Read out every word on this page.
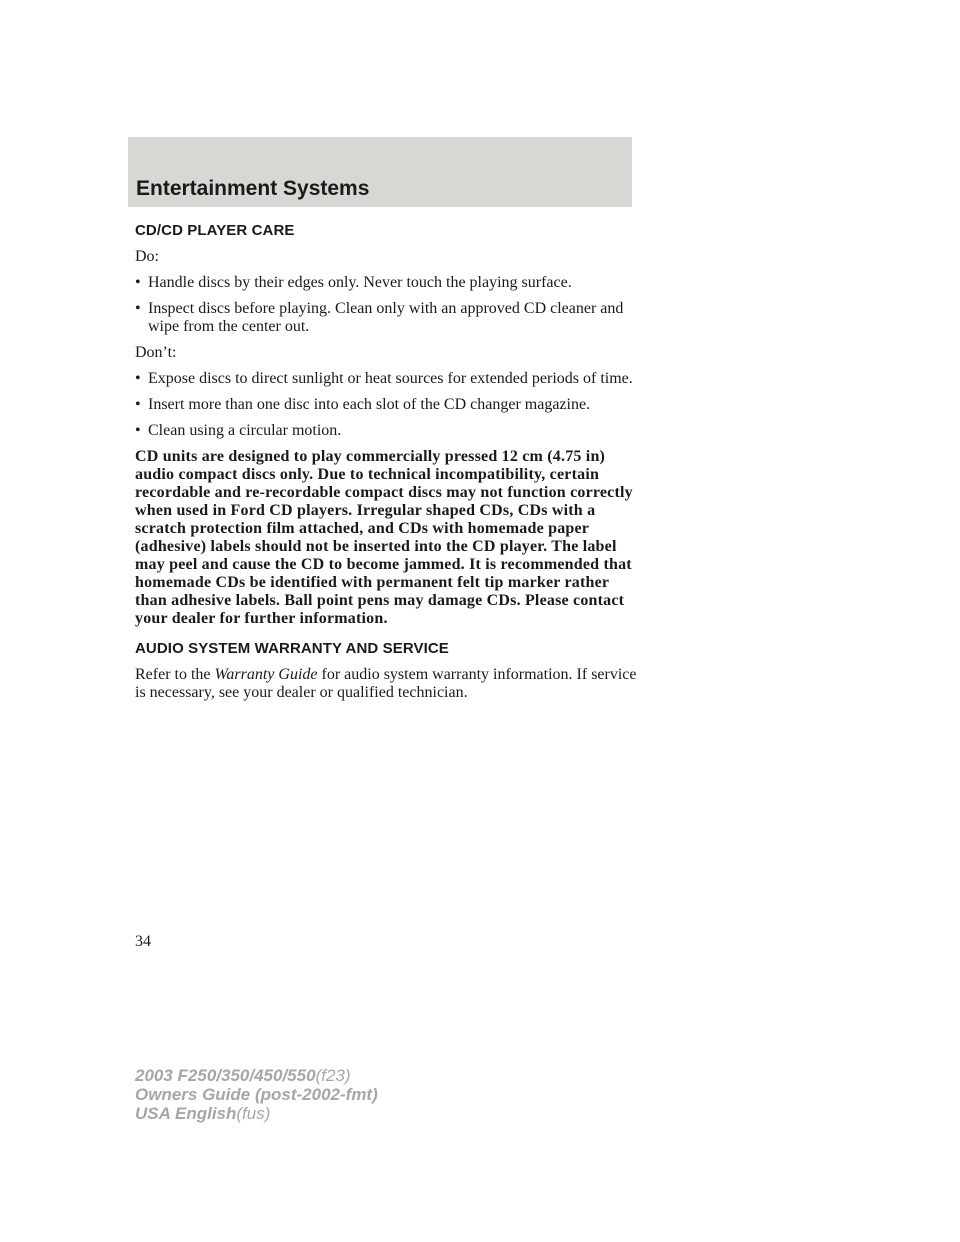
Entertainment Systems
CD/CD PLAYER CARE
Do:
• Handle discs by their edges only. Never touch the playing surface.
• Inspect discs before playing. Clean only with an approved CD cleaner and wipe from the center out.
Don’t:
• Expose discs to direct sunlight or heat sources for extended periods of time.
• Insert more than one disc into each slot of the CD changer magazine.
• Clean using a circular motion.
CD units are designed to play commercially pressed 12 cm (4.75 in) audio compact discs only. Due to technical incompatibility, certain recordable and re-recordable compact discs may not function correctly when used in Ford CD players. Irregular shaped CDs, CDs with a scratch protection film attached, and CDs with homemade paper (adhesive) labels should not be inserted into the CD player. The label may peel and cause the CD to become jammed. It is recommended that homemade CDs be identified with permanent felt tip marker rather than adhesive labels. Ball point pens may damage CDs. Please contact your dealer for further information.
AUDIO SYSTEM WARRANTY AND SERVICE
Refer to the Warranty Guide for audio system warranty information. If service is necessary, see your dealer or qualified technician.
34
2003 F250/350/450/550(f23)
Owners Guide (post-2002-fmt)
USA English(fus)
